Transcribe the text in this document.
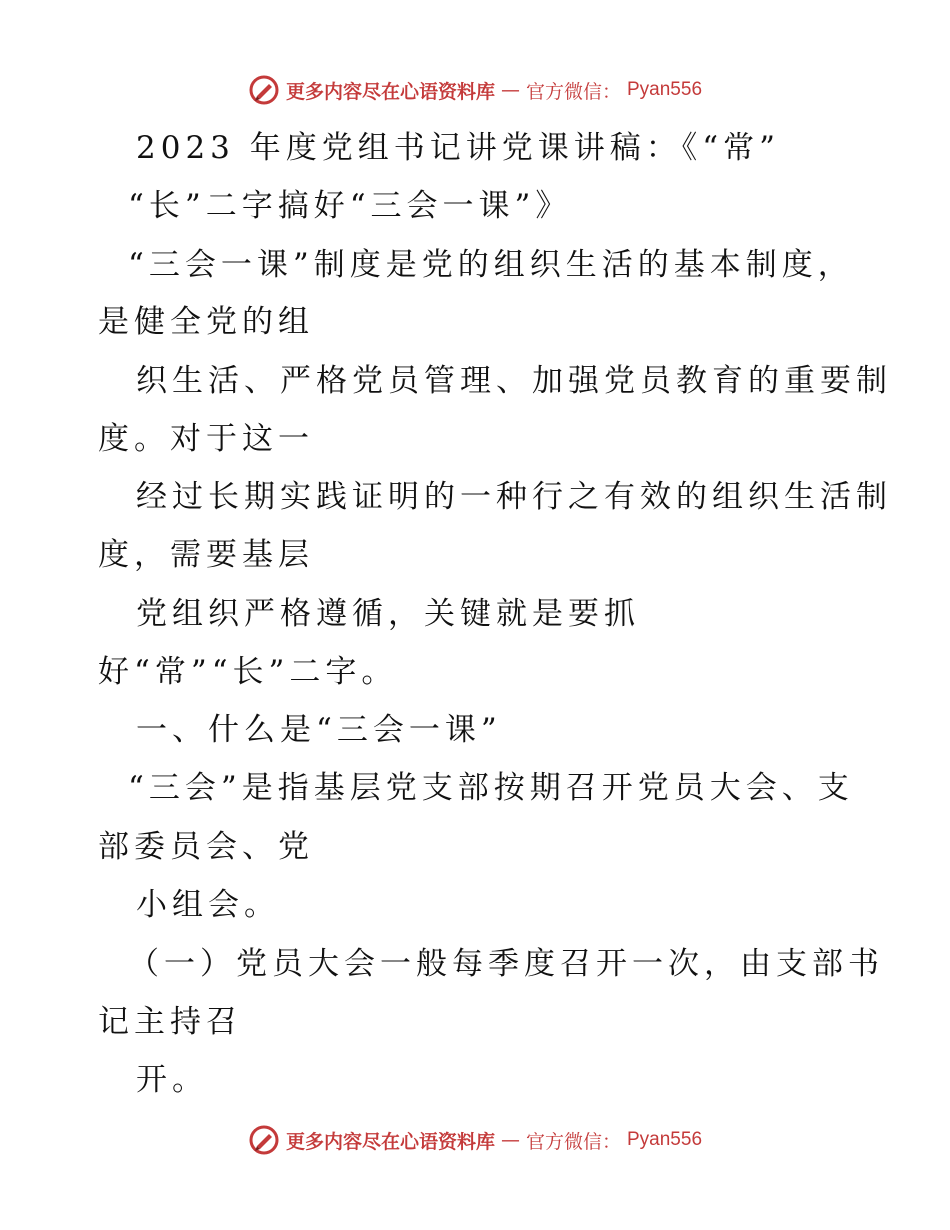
更多内容尽在心语资料库 — 官方微信： Pyan556
2023 年度党组书记讲党课讲稿：《“常”
“长”二字搞好“三会一课”》
“三会一课”制度是党的组织生活的基本制度，
是健全党的组
织生活、严格党员管理、加强党员教育的重要制
度。对于这一
经过长期实践证明的一种行之有效的组织生活制
度，需要基层
党组织严格遵循，关键就是要抓
好“常”“长”二字。
一、什么是“三会一课”
“三会”是指基层党支部按期召开党员大会、支
部委员会、党
小组会。
（一）党员大会一般每季度召开一次，由支部书
记主持召
开。
更多内容尽在心语资料库 — 官方微信： Pyan556
